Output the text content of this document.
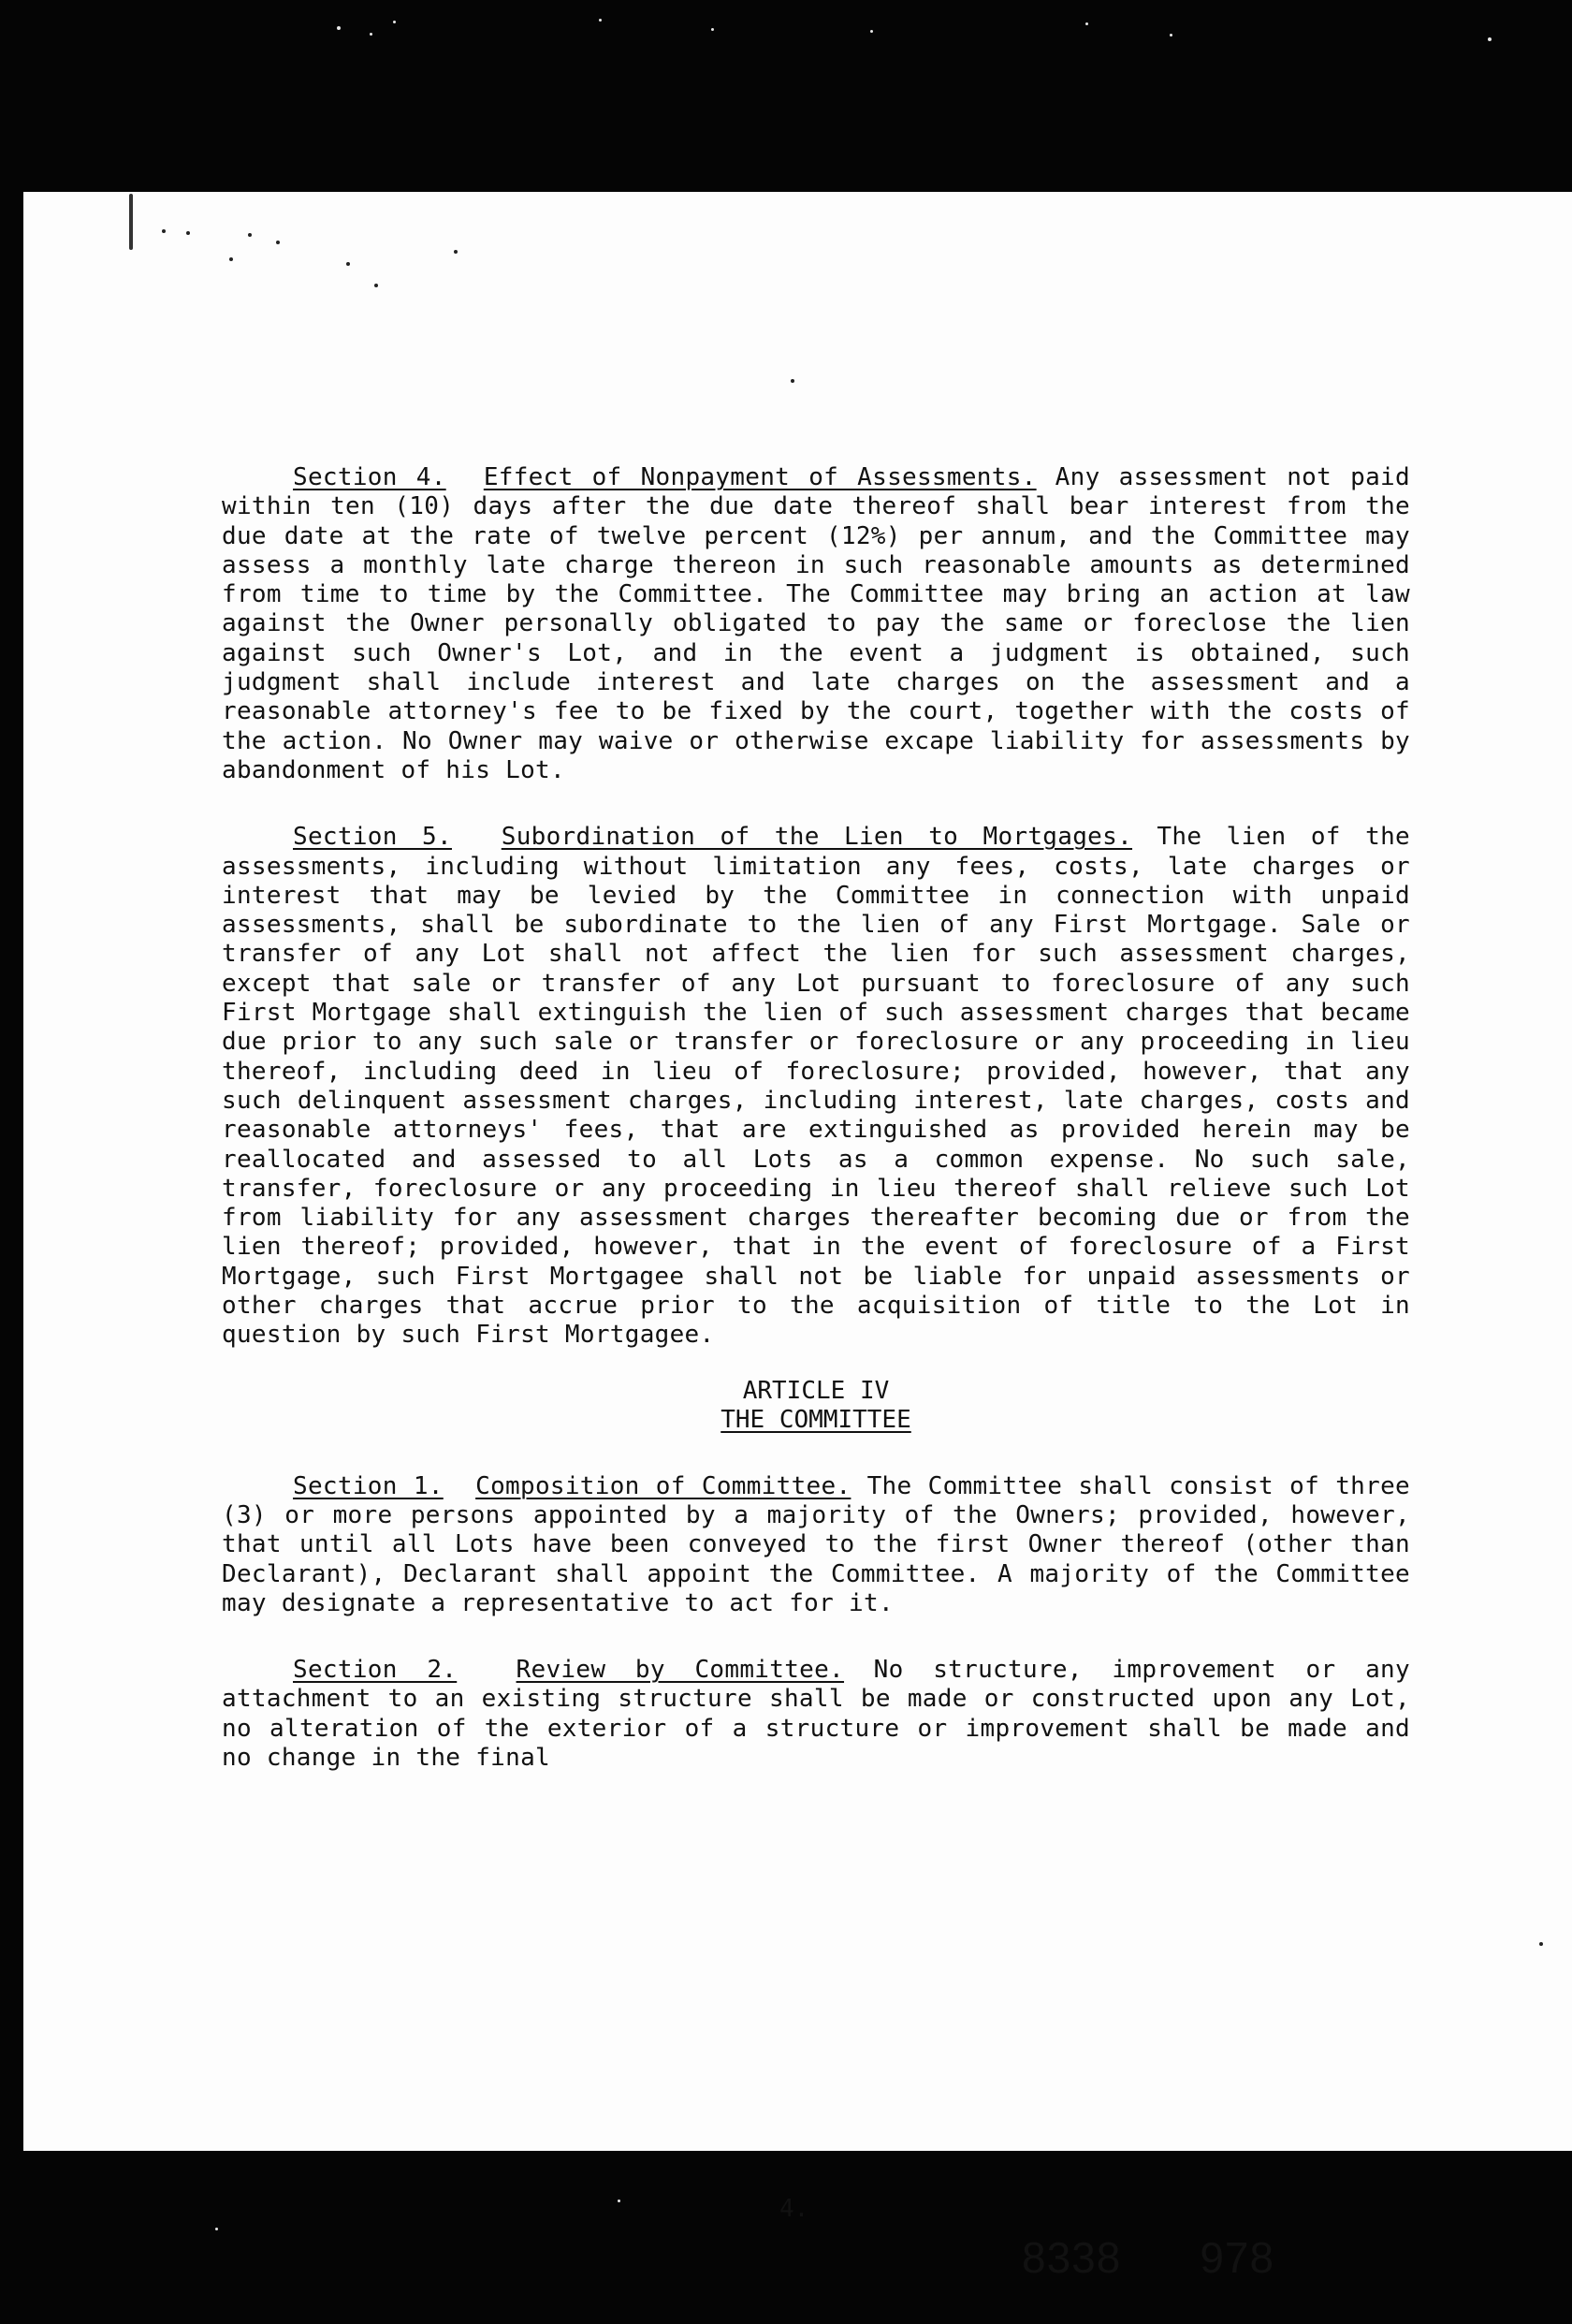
Section 4. Effect of Nonpayment of Assessments. Any assessment not paid within ten (10) days after the due date thereof shall bear interest from the due date at the rate of twelve percent (12%) per annum, and the Committee may assess a monthly late charge thereon in such reasonable amounts as determined from time to time by the Committee. The Committee may bring an action at law against the Owner personally obligated to pay the same or foreclose the lien against such Owner's Lot, and in the event a judgment is obtained, such judgment shall include interest and late charges on the assessment and a reasonable attorney's fee to be fixed by the court, together with the costs of the action. No Owner may waive or otherwise excape liability for assessments by abandonment of his Lot.

Section 5. Subordination of the Lien to Mortgages. The lien of the assessments, including without limitation any fees, costs, late charges or interest that may be levied by the Committee in connection with unpaid assessments, shall be subordinate to the lien of any First Mortgage. Sale or transfer of any Lot shall not affect the lien for such assessment charges, except that sale or transfer of any Lot pursuant to foreclosure of any such First Mortgage shall extinguish the lien of such assessment charges that became due prior to any such sale or transfer or foreclosure or any proceeding in lieu thereof, including deed in lieu of foreclosure; provided, however, that any such delinquent assessment charges, including interest, late charges, costs and reasonable attorneys' fees, that are extinguished as provided herein may be reallocated and assessed to all Lots as a common expense. No such sale, transfer, foreclosure or any proceeding in lieu thereof shall relieve such Lot from liability for any assessment charges thereafter becoming due or from the lien thereof; provided, however, that in the event of foreclosure of a First Mortgage, such First Mortgagee shall not be liable for unpaid assessments or other charges that accrue prior to the acquisition of title to the Lot in question by such First Mortgagee.

ARTICLE IV
THE COMMITTEE

Section 1. Composition of Committee. The Committee shall consist of three (3) or more persons appointed by a majority of the Owners; provided, however, that until all Lots have been conveyed to the first Owner thereof (other than Declarant), Declarant shall appoint the Committee. A majority of the Committee may designate a representative to act for it.

Section 2. Review by Committee. No structure, improvement or any attachment to an existing structure shall be made or constructed upon any Lot, no alteration of the exterior of a structure or improvement shall be made and no change in the final

4.
8338 978
